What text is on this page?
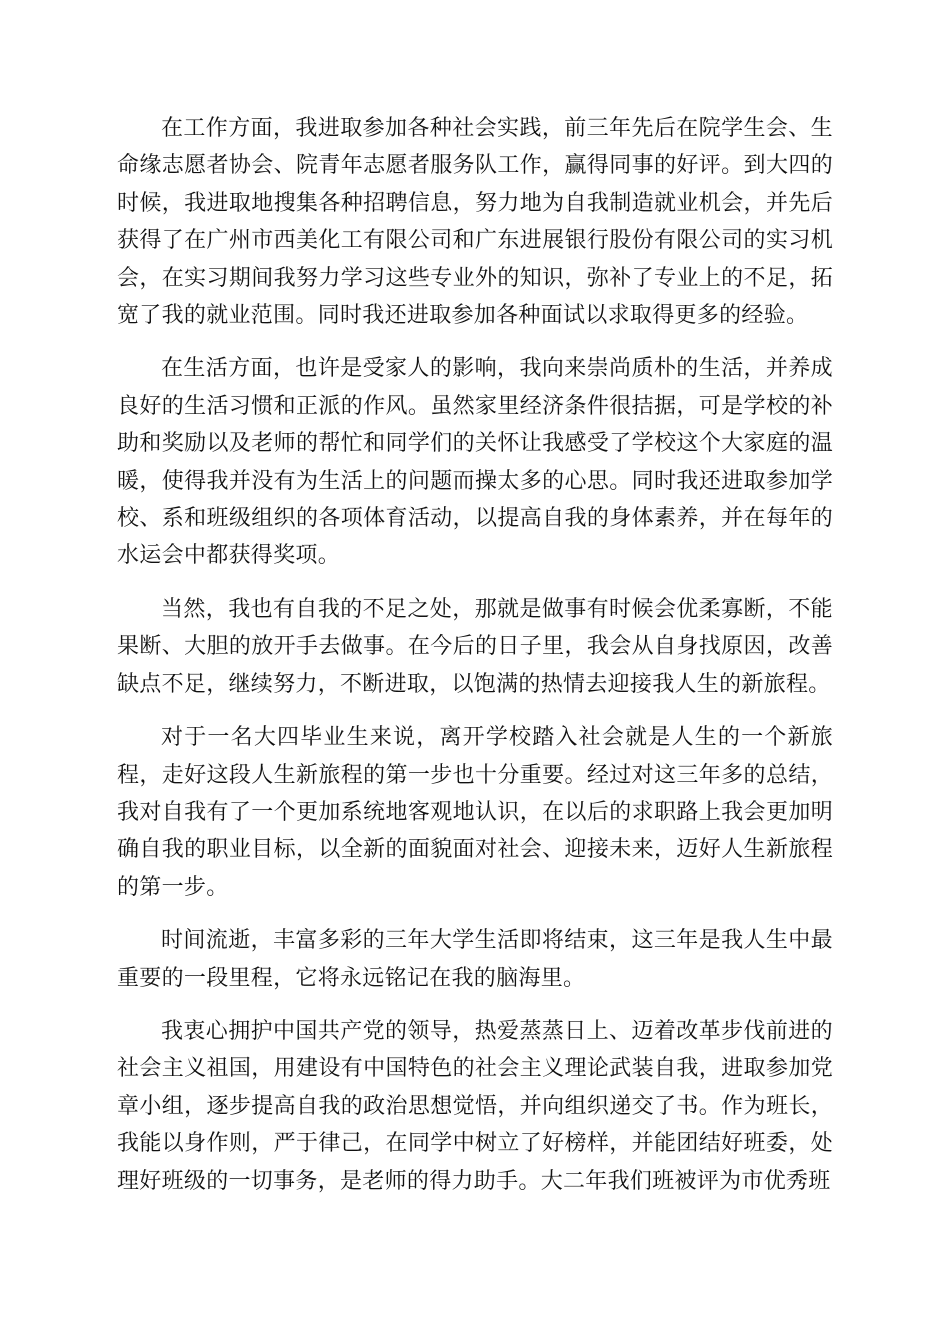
在工作方面，我进取参加各种社会实践，前三年先后在院学生会、生命缘志愿者协会、院青年志愿者服务队工作，赢得同事的好评。到大四的时候，我进取地搜集各种招聘信息，努力地为自我制造就业机会，并先后获得了在广州市西美化工有限公司和广东进展银行股份有限公司的实习机会，在实习期间我努力学习这些专业外的知识，弥补了专业上的不足，拓宽了我的就业范围。同时我还进取参加各种面试以求取得更多的经验。

在生活方面，也许是受家人的影响，我向来崇尚质朴的生活，并养成良好的生活习惯和正派的作风。虽然家里经济条件很拮据，可是学校的补助和奖励以及老师的帮忙和同学们的关怀让我感受了学校这个大家庭的温暖，使得我并没有为生活上的问题而操太多的心思。同时我还进取参加学校、系和班级组织的各项体育活动，以提高自我的身体素养，并在每年的水运会中都获得奖项。

当然，我也有自我的不足之处，那就是做事有时候会优柔寡断，不能果断、大胆的放开手去做事。在今后的日子里，我会从自身找原因，改善缺点不足，继续努力，不断进取，以饱满的热情去迎接我人生的新旅程。

对于一名大四毕业生来说，离开学校踏入社会就是人生的一个新旅程，走好这段人生新旅程的第一步也十分重要。经过对这三年多的总结，我对自我有了一个更加系统地客观地认识，在以后的求职路上我会更加明确自我的职业目标，以全新的面貌面对社会、迎接未来，迈好人生新旅程的第一步。

时间流逝，丰富多彩的三年大学生活即将结束，这三年是我人生中最重要的一段里程，它将永远铭记在我的脑海里。

我衷心拥护中国共产党的领导，热爱蒸蒸日上、迈着改革步伐前进的社会主义祖国，用建设有中国特色的社会主义理论武装自我，进取参加党章小组，逐步提高自我的政治思想觉悟，并向组织递交了书。作为班长，我能以身作则，严于律己，在同学中树立了好榜样，并能团结好班委，处理好班级的一切事务，是老师的得力助手。大二年我们班被评为市优秀班
